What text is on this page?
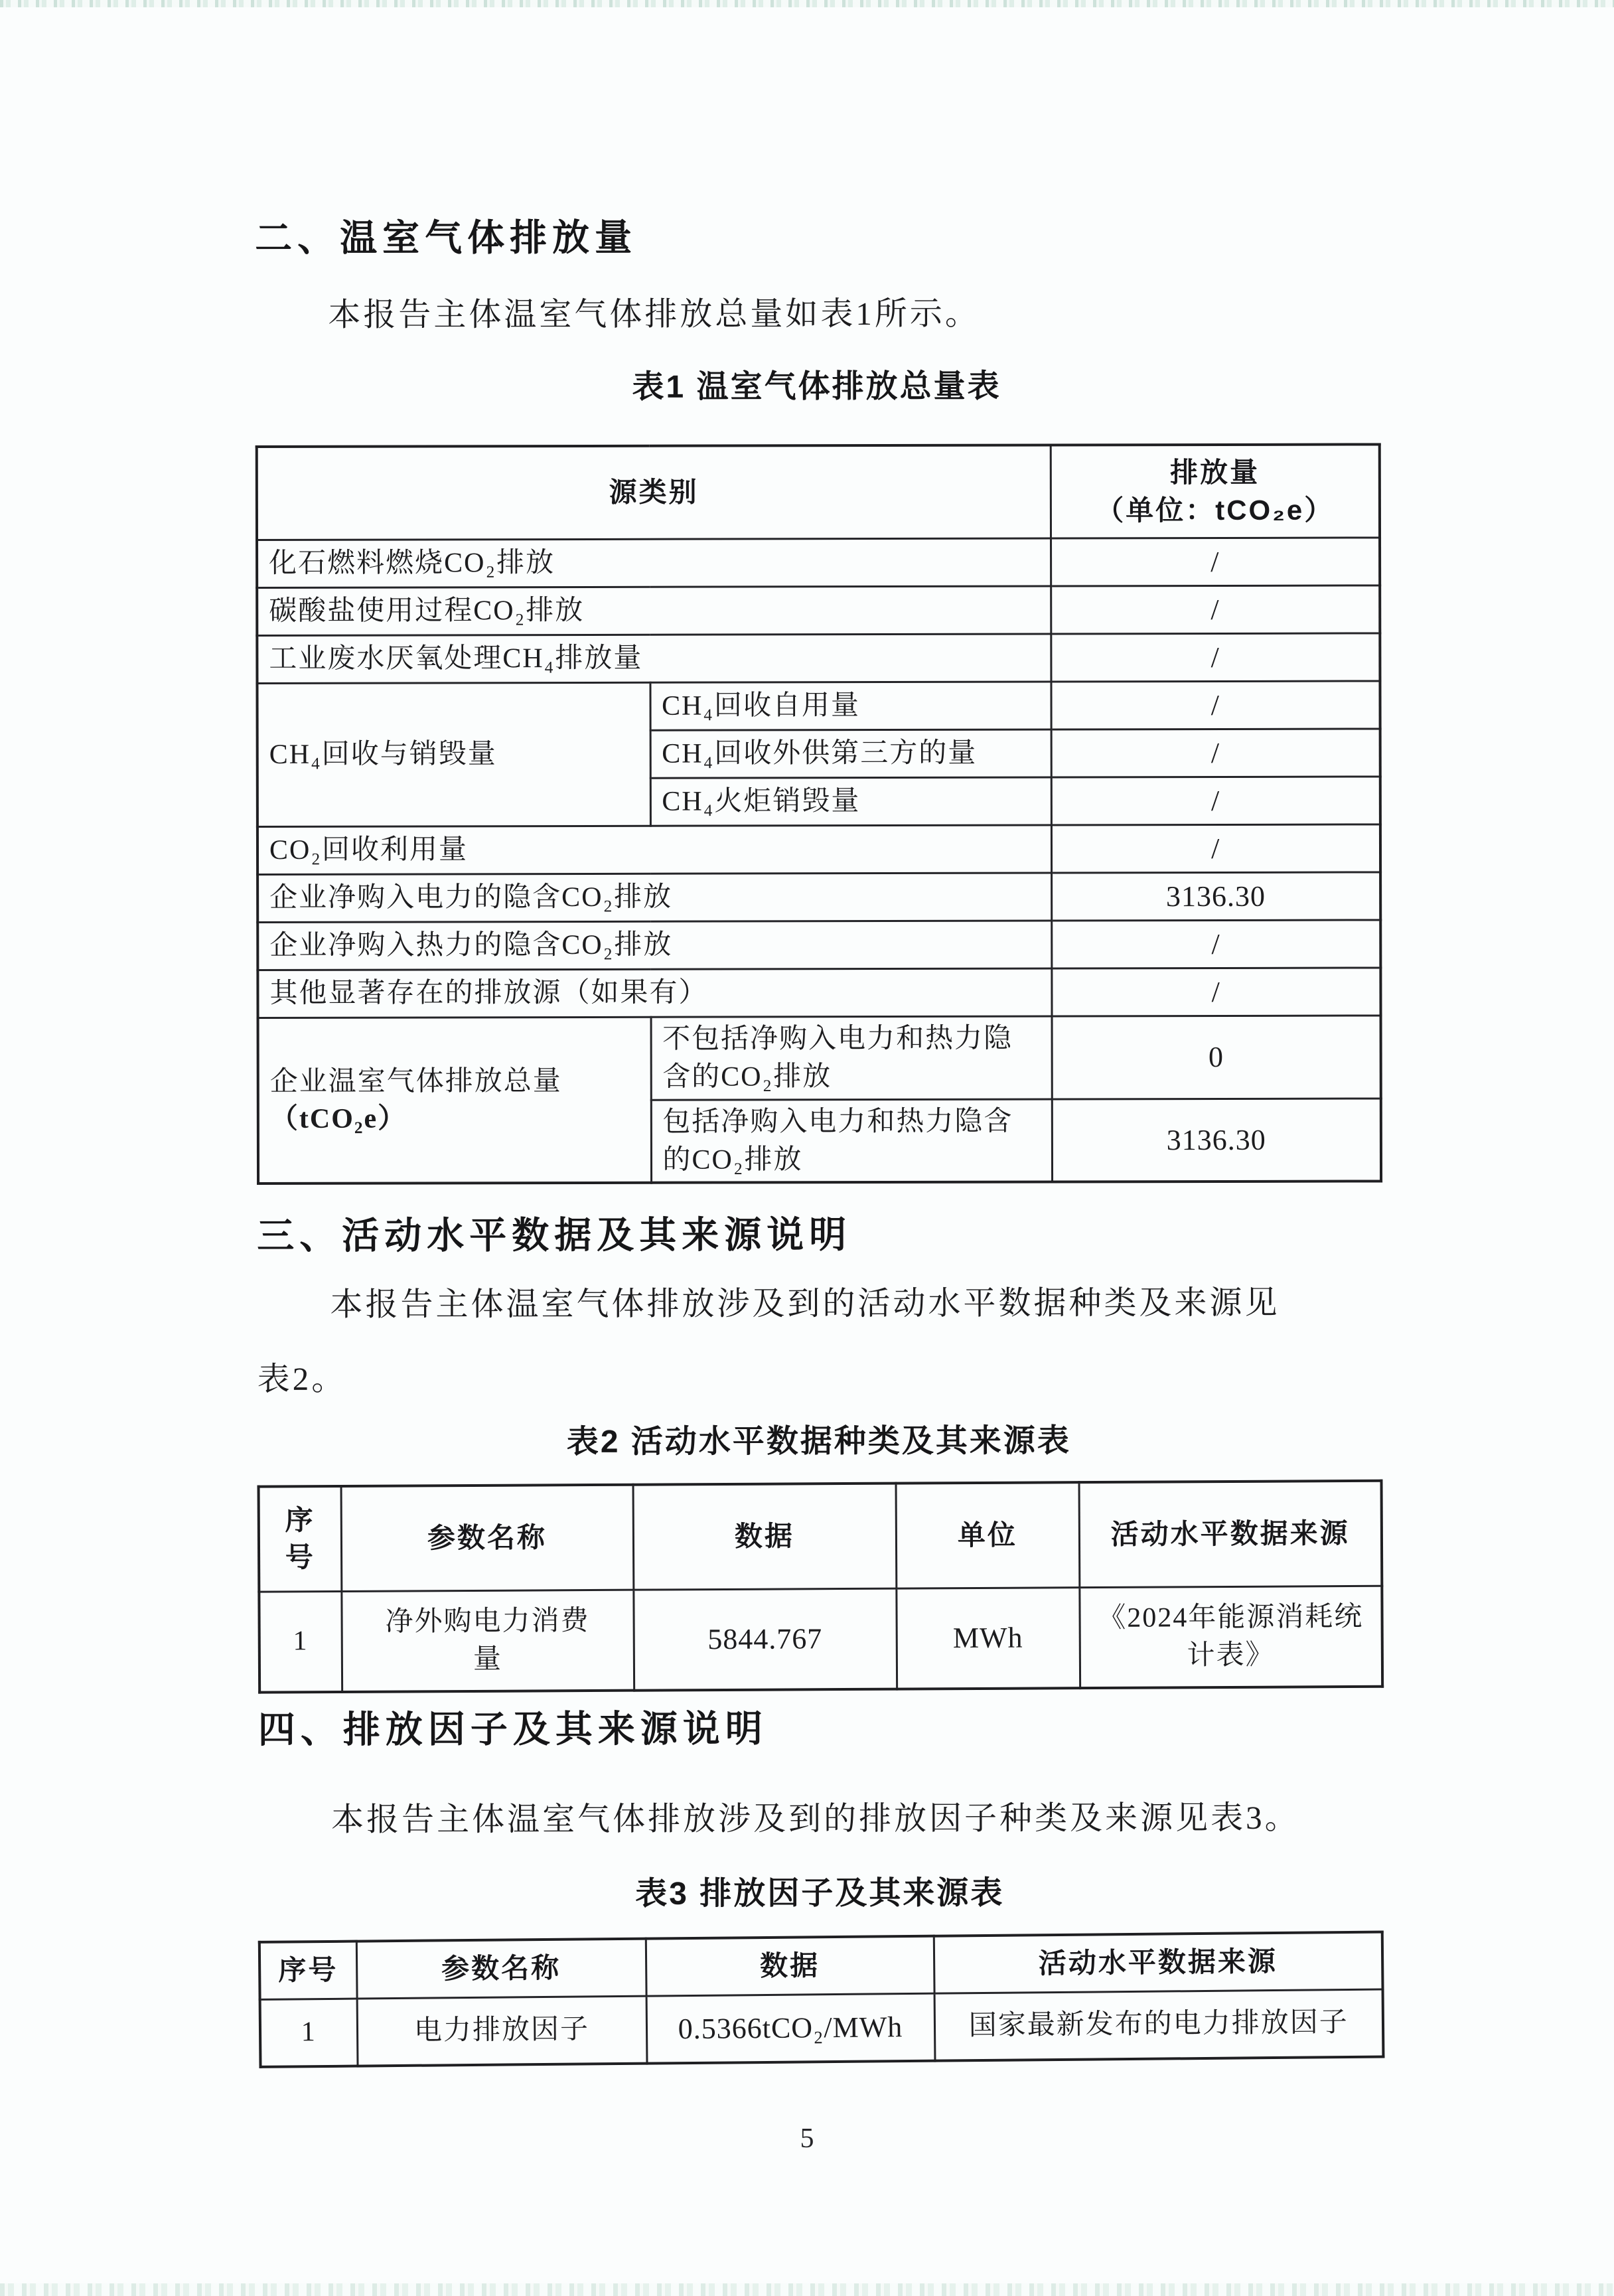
二、温室气体排放量

本报告主体温室气体排放总量如表1所示。

表1 温室气体排放总量表

源类别		排放量
（单位：tCO₂e）

化石燃料燃烧CO₂排放		/
碳酸盐使用过程CO₂排放		/
工业废水厌氧处理CH₄排放量		/
CH₄回收与销毁量	CH₄回收自用量	/
	CH₄回收外供第三方的量	/
	CH₄火炬销毁量	/
CO₂回收利用量		/
企业净购入电力的隐含CO₂排放		3136.30
企业净购入热力的隐含CO₂排放		/
其他显著存在的排放源（如果有）		/

企业温室气体排放总量
（tCO₂e）	不包括净购入电力和热力隐含的CO₂排放	0
	包括净购入电力和热力隐含的CO₂排放	3136.30
三、活动水平数据及其来源说明

本报告主体温室气体排放涉及到的活动水平数据种类及来源见
表2。

表2 活动水平数据种类及其来源表

序号	参数名称	数据	单位	活动水平数据来源
1	净外购电力消费量	5844.767	MWh	《2024年能源消耗统计表》
四、排放因子及其来源说明

本报告主体温室气体排放涉及到的排放因子种类及来源见表3。

表3 排放因子及其来源表

序号	参数名称	数据	活动水平数据来源
1	电力排放因子	0.5366tCO₂/MWh	国家最新发布的电力排放因子
5
